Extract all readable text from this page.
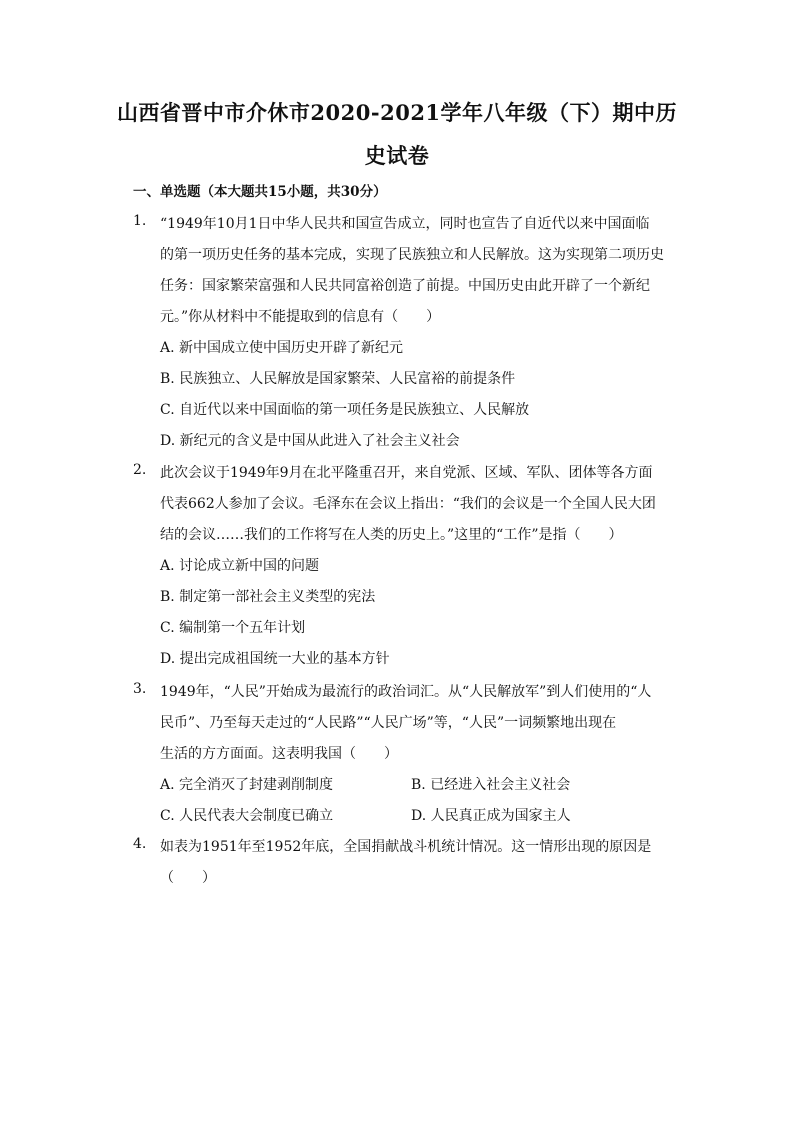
山西省晋中市介休市2020-2021学年八年级（下）期中历
史试卷
一、单选题（本大题共15小题，共30分）
1. “1949年10月1日中华人民共和国宣告成立，同时也宣告了自近代以来中国面临
的第一项历史任务的基本完成，实现了民族独立和人民解放。这为实现第二项历史
任务：国家繁荣富强和人民共同富裕创造了前提。中国历史由此开辟了一个新纪
元。”你从材料中不能提取到的信息有（　　）
A. 新中国成立使中国历史开辟了新纪元
B. 民族独立、人民解放是国家繁荣、人民富裕的前提条件
C. 自近代以来中国面临的第一项任务是民族独立、人民解放
D. 新纪元的含义是中国从此进入了社会主义社会
2. 此次会议于1949年9月在北平隆重召开，来自党派、区域、军队、团体等各方面
代表662人参加了会议。毛泽东在会议上指出：“我们的会议是一个全国人民大团
结的会议……我们的工作将写在人类的历史上。”这里的“工作”是指（　　）
A. 讨论成立新中国的问题
B. 制定第一部社会主义类型的宪法
C. 编制第一个五年计划
D. 提出完成祖国统一大业的基本方针
3. 1949年，“人民”开始成为最流行的政治词汇。从“人民解放军”到人们使用的“人
民币”、乃至每天走过的“人民路”“人民广场”等，“人民”一词频繁地出现在
生活的方方面面。这表明我国（　　）
A. 完全消灭了封建剥削制度	B. 已经进入社会主义社会
C. 人民代表大会制度已确立	D. 人民真正成为国家主人
4. 如表为1951年至1952年底，全国捐献战斗机统计情况。这一情形出现的原因是
（　　）
